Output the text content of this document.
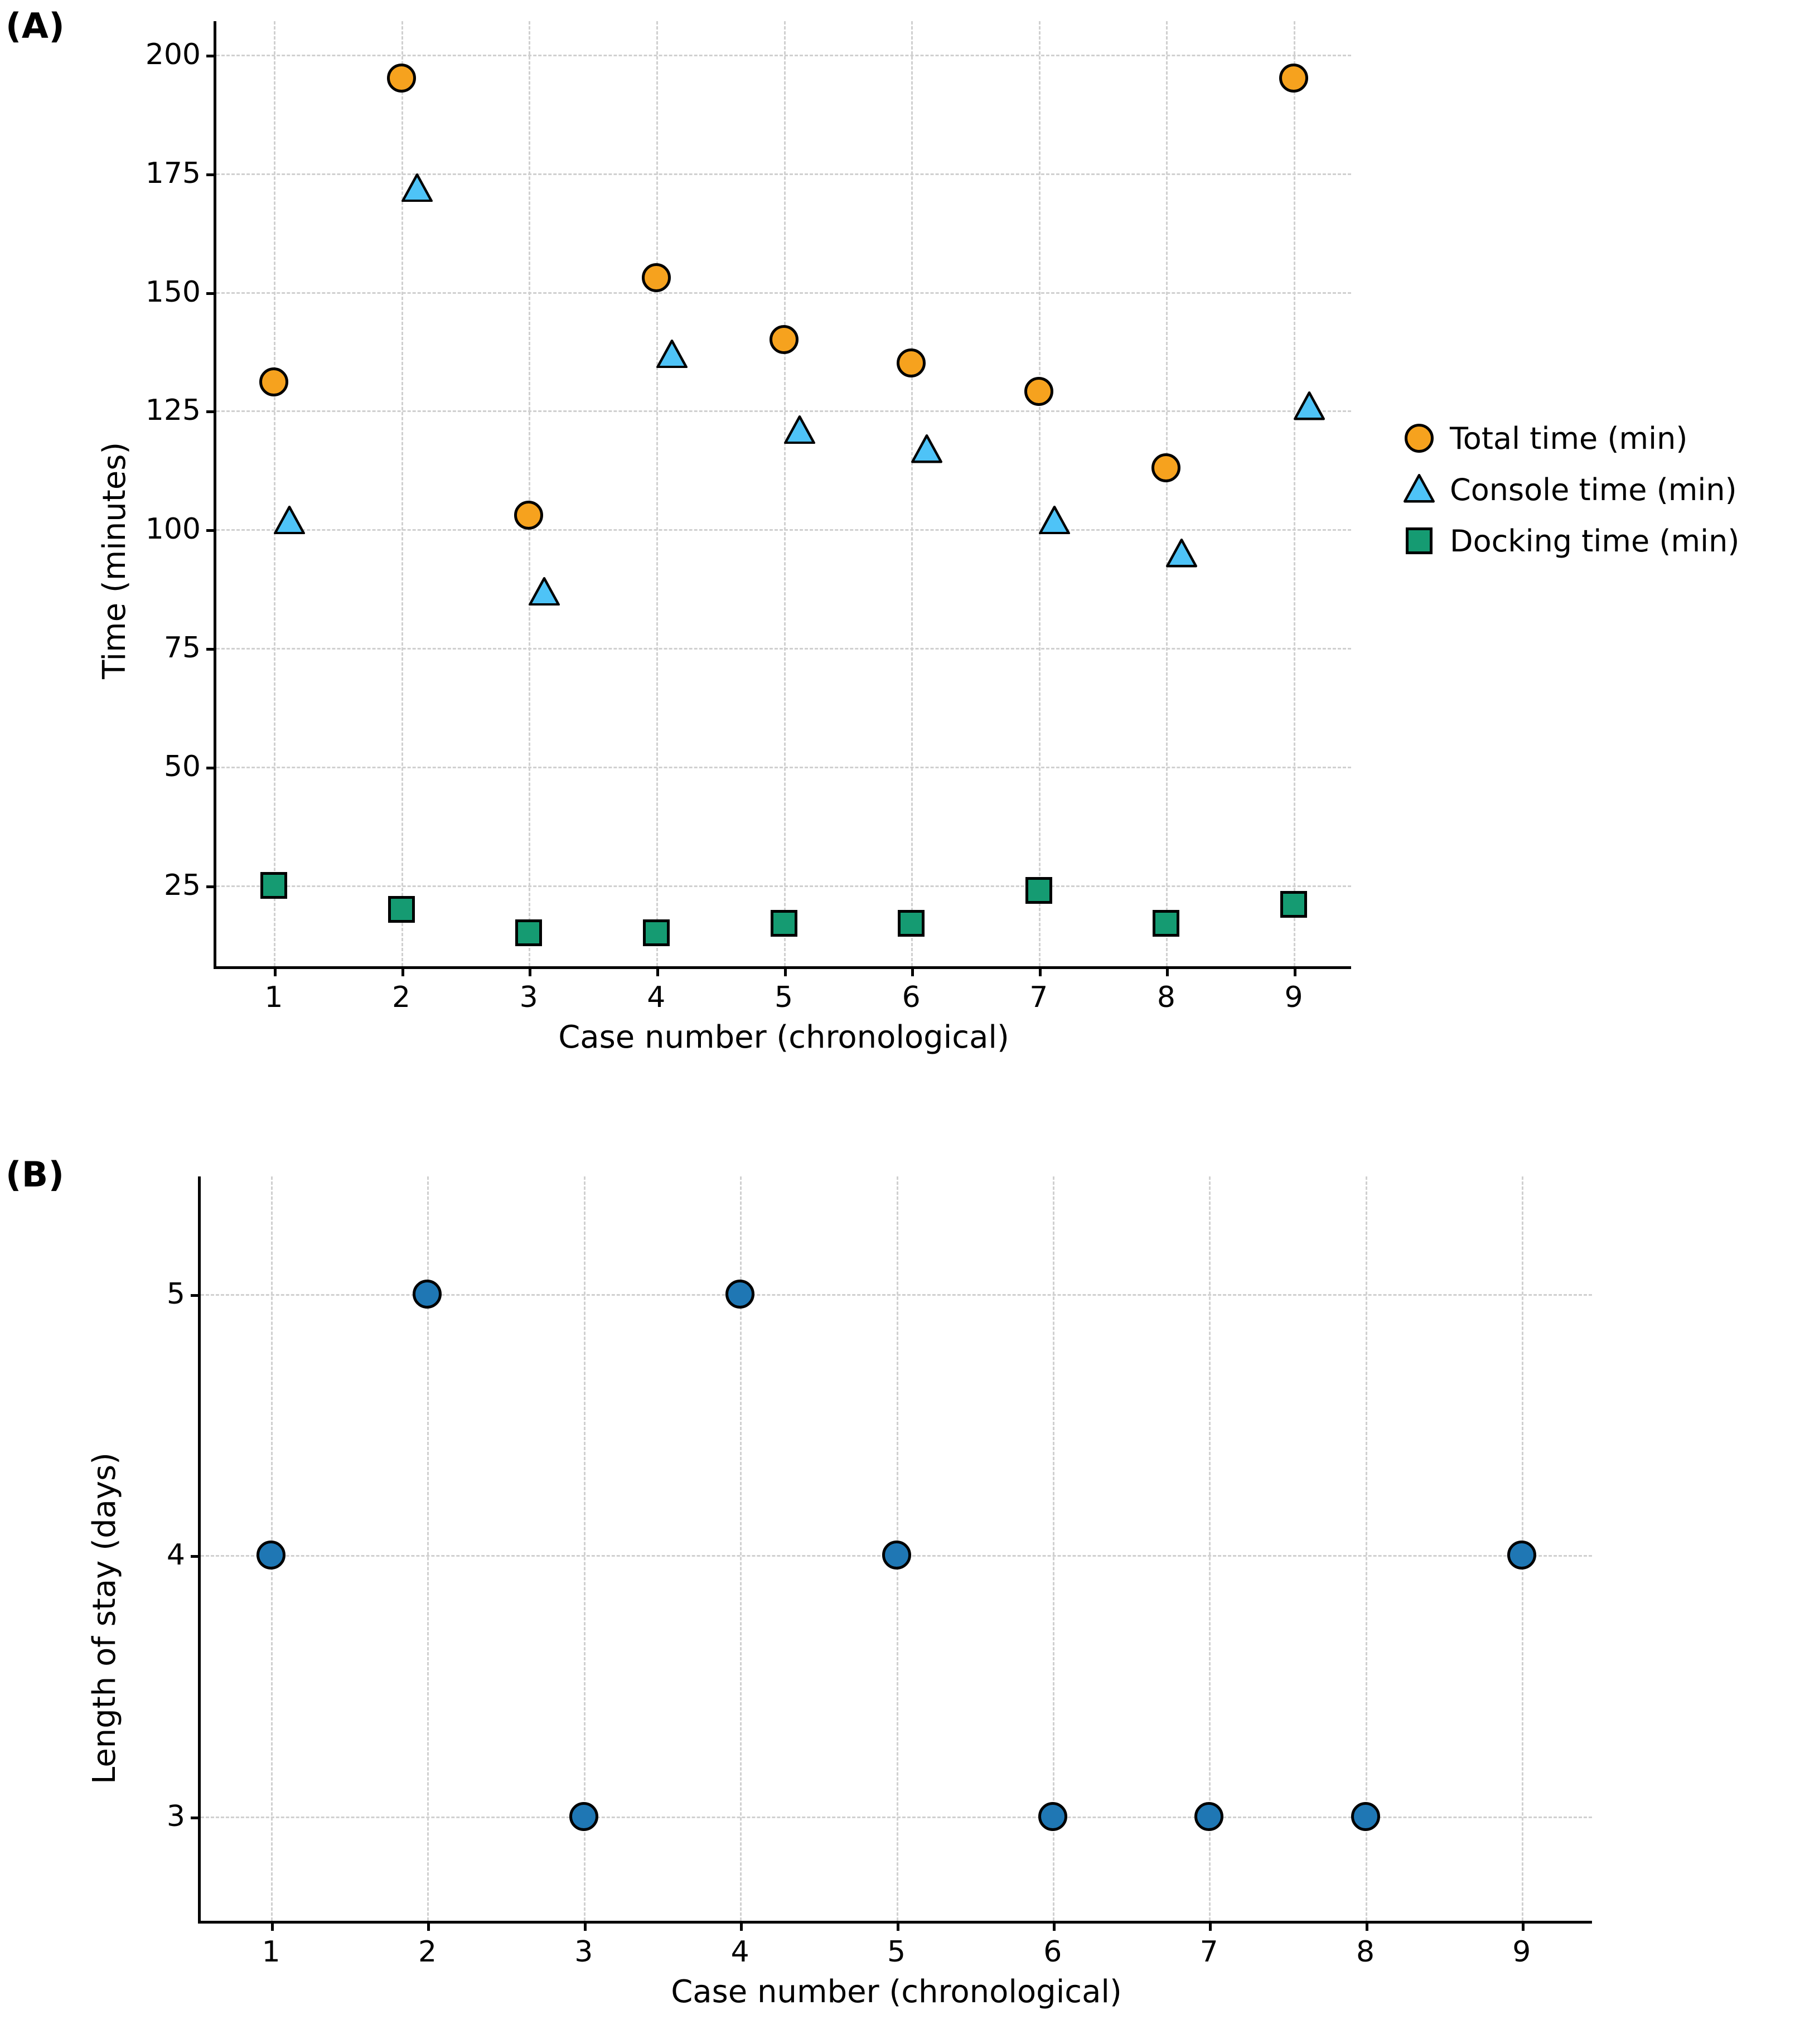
(A)
25
50
75
100
125
150
175
200
1	2	3	4	5	6	7	8	9
Case number (chronological)
Time (minutes)
Total time (min)
Console time (min)
Docking time (min)
(B)
3
4
5
1	2	3	4	5	6	7	8	9
Case number (chronological)
Length of stay (days)
